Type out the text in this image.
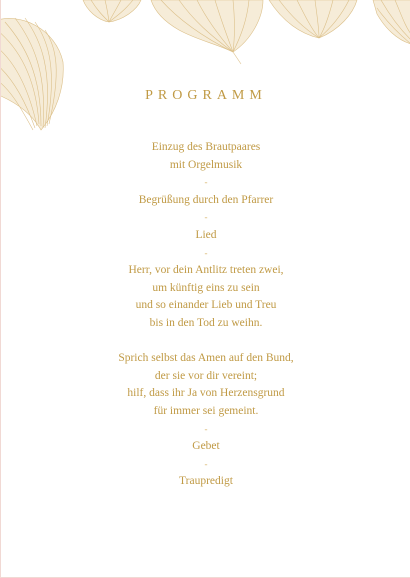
PROGRAMM
Einzug des Brautpaares
mit Orgelmusik
-
Begrüßung durch den Pfarrer
-
Lied
-
Herr, vor dein Antlitz treten zwei,
um künftig eins zu sein
und so einander Lieb und Treu
bis in den Tod zu weihn.
Sprich selbst das Amen auf den Bund,
der sie vor dir vereint;
hilf, dass ihr Ja von Herzensgrund
für immer sei gemeint.
-
Gebet
-
Traupredigt
